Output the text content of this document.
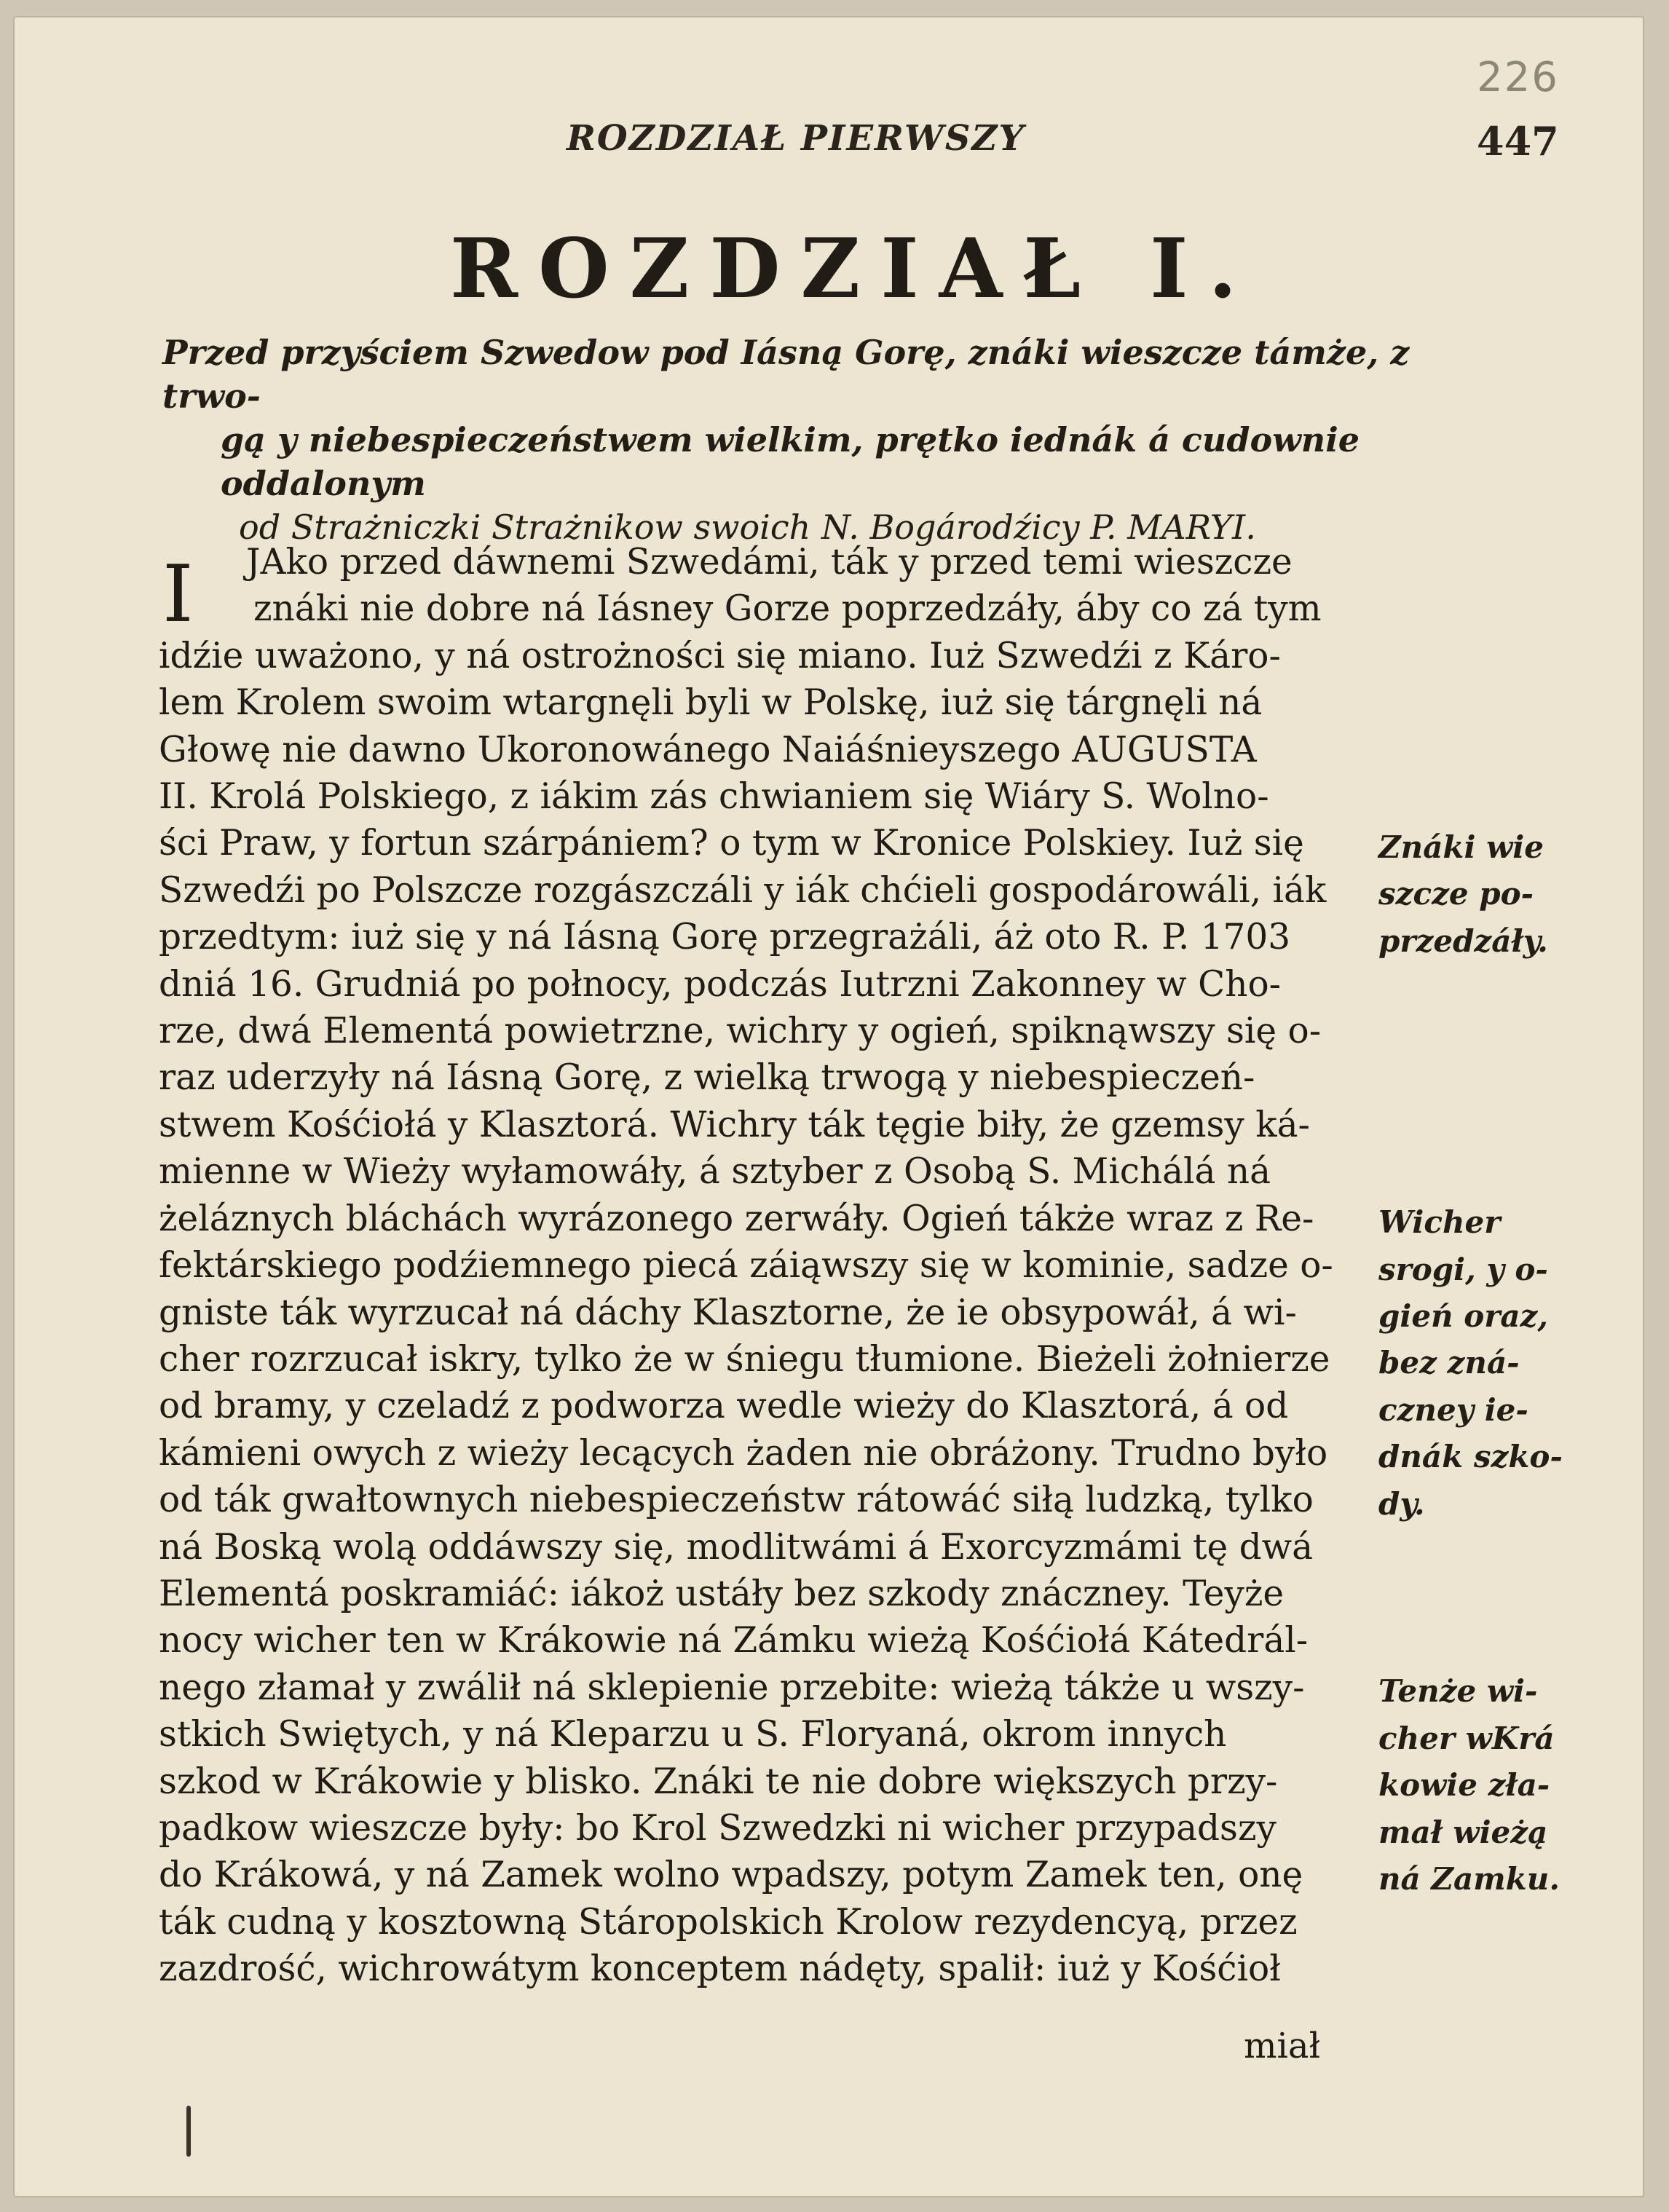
226
ROZDZIAŁ PIERWSZY	447
ROZDZIAŁ I.
Przed przyściem Szwedow pod Iásną Gorę, znáki wieszcze támże, z trwo-
gą y niebespieczeństwem wielkim, prętko iednák á cudownie oddalonym
od Strażniczki Strażnikow swoich N. Bogárodźicy P. MARYI.
I	JAko przed dáwnemi Szwedámi, ták y przed temi wieszcze
znáki nie dobre ná Iásney Gorze poprzedzáły, áby co zá tym
idźie uważono, y ná ostrożności się miano. Iuż Szwedźi z Káro-
lem Krolem swoim wtargnęli byli w Polskę, iuż się tárgnęli ná
Głowę nie dawno Ukoronowánego Naiáśnieyszego AUGUSTA
II. Krolá Polskiego, z iákim zás chwianiem się Wiáry S. Wolno-
ści Praw, y fortun szárpániem? o tym w Kronice Polskiey. Iuż się
Szwedźi po Polszcze rozgászczáli y iák chćieli gospodárowáli, iák
przedtym: iuż się y ná Iásną Gorę przegrażáli, áż oto R. P. 1703
dniá 16. Grudniá po połnocy, podczás Iutrzni Zakonney w Cho-
rze, dwá Elementá powietrzne, wichry y ogień, spiknąwszy się o-
raz uderzyły ná Iásną Gorę, z wielką trwogą y niebespieczeń-
stwem Kośćiołá y Klasztorá. Wichry ták tęgie biły, że gzemsy ká-
mienne w Wieży wyłamowáły, á sztyber z Osobą S. Michálá ná
żeláznych bláchách wyrázonego zerwáły. Ogień tákże wraz z Re-
fektárskiego podźiemnego piecá záiąwszy się w kominie, sadze o-
gniste ták wyrzucał ná dáchy Klasztorne, że ie obsypowáł, á wi-
cher rozrzucał iskry, tylko że w śniegu tłumione. Bieżeli żołnierze
od bramy, y czeladź z podworza wedle wieży do Klasztorá, á od
kámieni owych z wieży lecących żaden nie obráżony. Trudno było
od ták gwałtownych niebespieczeństw rátowáć siłą ludzką, tylko
ná Boską wolą oddáwszy się, modlitwámi á Exorcyzmámi tę dwá
Elementá poskramiáć: iákoż ustáły bez szkody znáczney. Teyże
nocy wicher ten w Krákowie ná Zámku wieżą Kośćiołá Kátedrál-
nego złamał y zwálił ná sklepienie przebite: wieżą tákże u wszy-
stkich Swiętych, y ná Kleparzu u S. Floryaná, okrom innych
szkod w Krákowie y blisko. Znáki te nie dobre większych przy-
padkow wieszcze były: bo Krol Szwedzki ni wicher przypadszy
do Krákowá, y ná Zamek wolno wpadszy, potym Zamek ten, onę
ták cudną y kosztowną Stáropolskich Krolow rezydencyą, przez
zazdrość, wichrowátym konceptem nádęty, spalił: iuż y Kośćioł
Znáki wie
szcze po-
przedzáły.

Wicher
srogi, y o-
gień oraz,
bez zná-
czney ie-
dnák szko-
dy.

Tenże wi-
cher wKrá
kowie zła-
mał wieżą
ná Zamku.
miał
